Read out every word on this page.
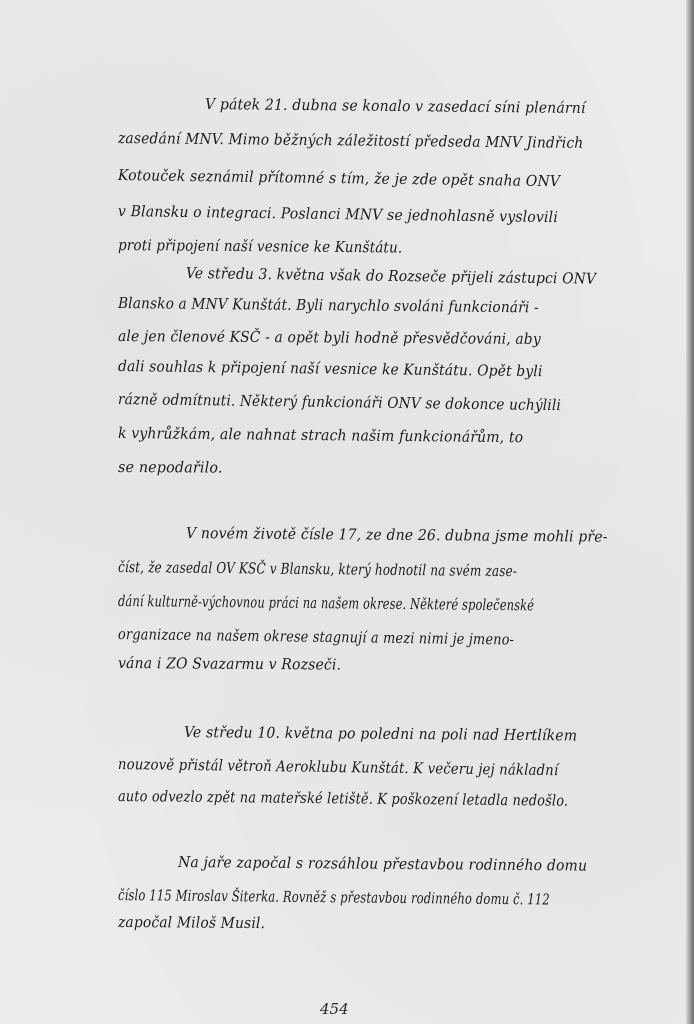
V pátek 21. dubna se konalo v zasedací síni plenární
zasedání MNV. Mimo běžných záležitostí předseda MNV Jindřich
Kotouček seznámil přítomné s tím, že je zde opět snaha ONV
v Blansku o integraci. Poslanci MNV se jednohlasně vyslovili
proti připojení naší vesnice ke Kunštátu.
Ve středu 3. května však do Rozseče přijeli zástupci ONV
Blansko a MNV Kunštát. Byli narychlo svoláni funkcionáři -
ale jen členové KSČ - a opět byli hodně přesvědčováni, aby
dali souhlas k připojení naší vesnice ke Kunštátu. Opět byli
rázně odmítnuti. Některý funkcionáři ONV se dokonce uchýlili
k vyhrůžkám, ale nahnat strach našim funkcionářům, to
se nepodařilo.
V novém životě čísle 17, ze dne 26. dubna jsme mohli pře-
číst, že zasedal OV KSČ v Blansku, který hodnotil na svém zase-
dání kulturně-výchovnou práci na našem okrese. Některé společenské
organizace na našem okrese stagnují a mezi nimi je jmeno-
vána i ZO Svazarmu v Rozseči.
Ve středu 10. května po poledni na poli nad Hertlíkem
nouzově přistál větroň Aeroklubu Kunštát. K večeru jej nákladní
auto odvezlo zpět na mateřské letiště. K poškození letadla nedošlo.
Na jaře započal s rozsáhlou přestavbou rodinného domu
číslo 115 Miroslav Šiterka. Rovněž s přestavbou rodinného domu č. 112
započal Miloš Musil.
454
